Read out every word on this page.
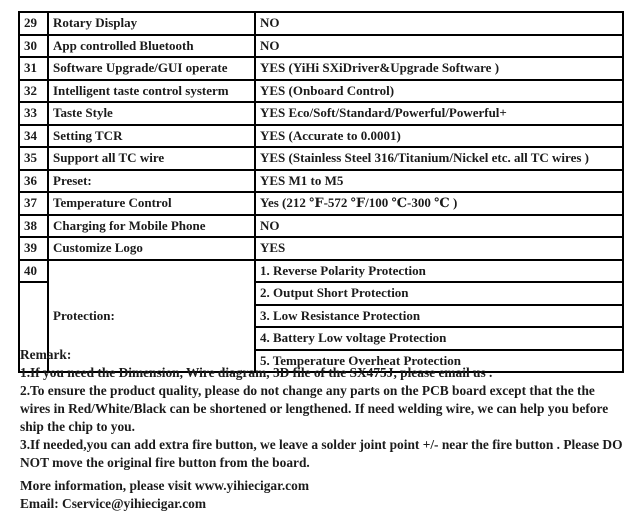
29	Rotary Display	NO
30	App controlled Bluetooth	NO
31	Software Upgrade/GUI operate	YES (YiHi SXiDriver&Upgrade Software )
32	Intelligent taste control systerm	YES (Onboard Control)
33	Taste Style	YES Eco/Soft/Standard/Powerful/Powerful+
34	Setting TCR	YES (Accurate to 0.0001)
35	Support all TC wire	YES (Stainless Steel 316/Titanium/Nickel etc. all TC wires )
36	Preset:	YES M1 to M5
37	Temperature Control	Yes (212 ℉-572 ℉/100 ℃-300 ℃ )
38	Charging for Mobile Phone	NO
39	Customize Logo	YES
40	Protection:	1. Reverse Polarity Protection
		2. Output Short Protection
		3. Low Resistance Protection
		4. Battery Low voltage Protection
		5. Temperature Overheat Protection
Remark:
1.If you need the Dimension, Wire diagram, 3D file of the SX475J, please email us .
2.To ensure the product quality, please do not change any parts on the PCB board except that the the
wires in Red/White/Black can be shortened or lengthened. If need welding wire, we can help you before
ship the chip to you.
3.If needed,you can add extra fire button, we leave a solder joint point +/- near the fire button . Please DO
NOT move the original fire button from the board.
More information, please visit www.yihiecigar.com
Email: Cservice@yihiecigar.com
